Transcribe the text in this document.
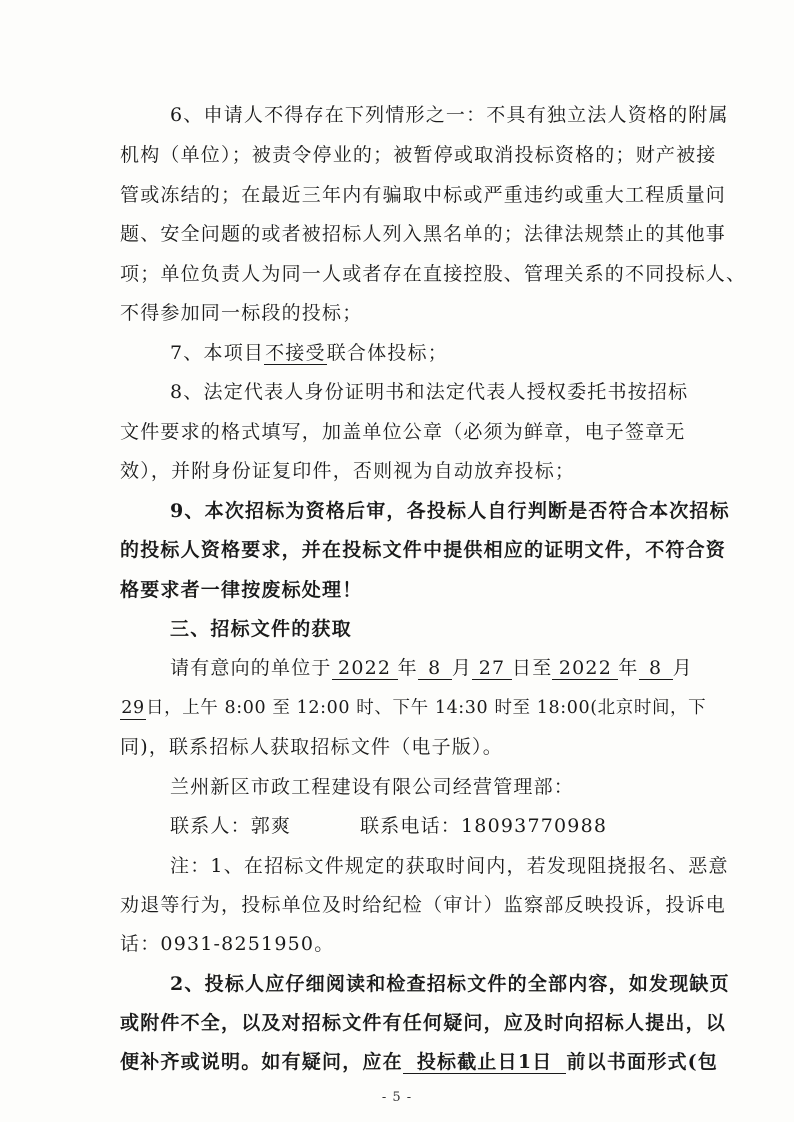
6、申请人不得存在下列情形之一：不具有独立法人资格的附属
机构（单位）；被责令停业的；被暂停或取消投标资格的；财产被接
管或冻结的；在最近三年内有骗取中标或严重违约或重大工程质量问
题、安全问题的或者被招标人列入黑名单的；法律法规禁止的其他事
项；单位负责人为同一人或者存在直接控股、管理关系的不同投标人、
不得参加同一标段的投标；
7、本项目不接受联合体投标；
8、法定代表人身份证明书和法定代表人授权委托书按招标
文件要求的格式填写，加盖单位公章（必须为鲜章，电子签章无
效），并附身份证复印件，否则视为自动放弃投标；
9、本次招标为资格后审，各投标人自行判断是否符合本次招标
的投标人资格要求，并在投标文件中提供相应的证明文件，不符合资
格要求者一律按废标处理！
三、招标文件的获取
请有意向的单位于 2022 年 8 月 27 日至 2022 年 8 月
29日，上午 8:00 至 12:00 时、下午 14:30 时至 18:00(北京时间，下
同)，联系招标人获取招标文件（电子版）。
兰州新区市政工程建设有限公司经营管理部：
联系人：郭爽	联系电话：18093770988
注：1、在招标文件规定的获取时间内，若发现阻挠报名、恶意
劝退等行为，投标单位及时给纪检（审计）监察部反映投诉，投诉电
话：0931-8251950。
2、投标人应仔细阅读和检查招标文件的全部内容，如发现缺页
或附件不全，以及对招标文件有任何疑问，应及时向招标人提出，以
便补齐或说明。如有疑问，应在 投标截止日1日 前以书面形式(包
- 5 -
